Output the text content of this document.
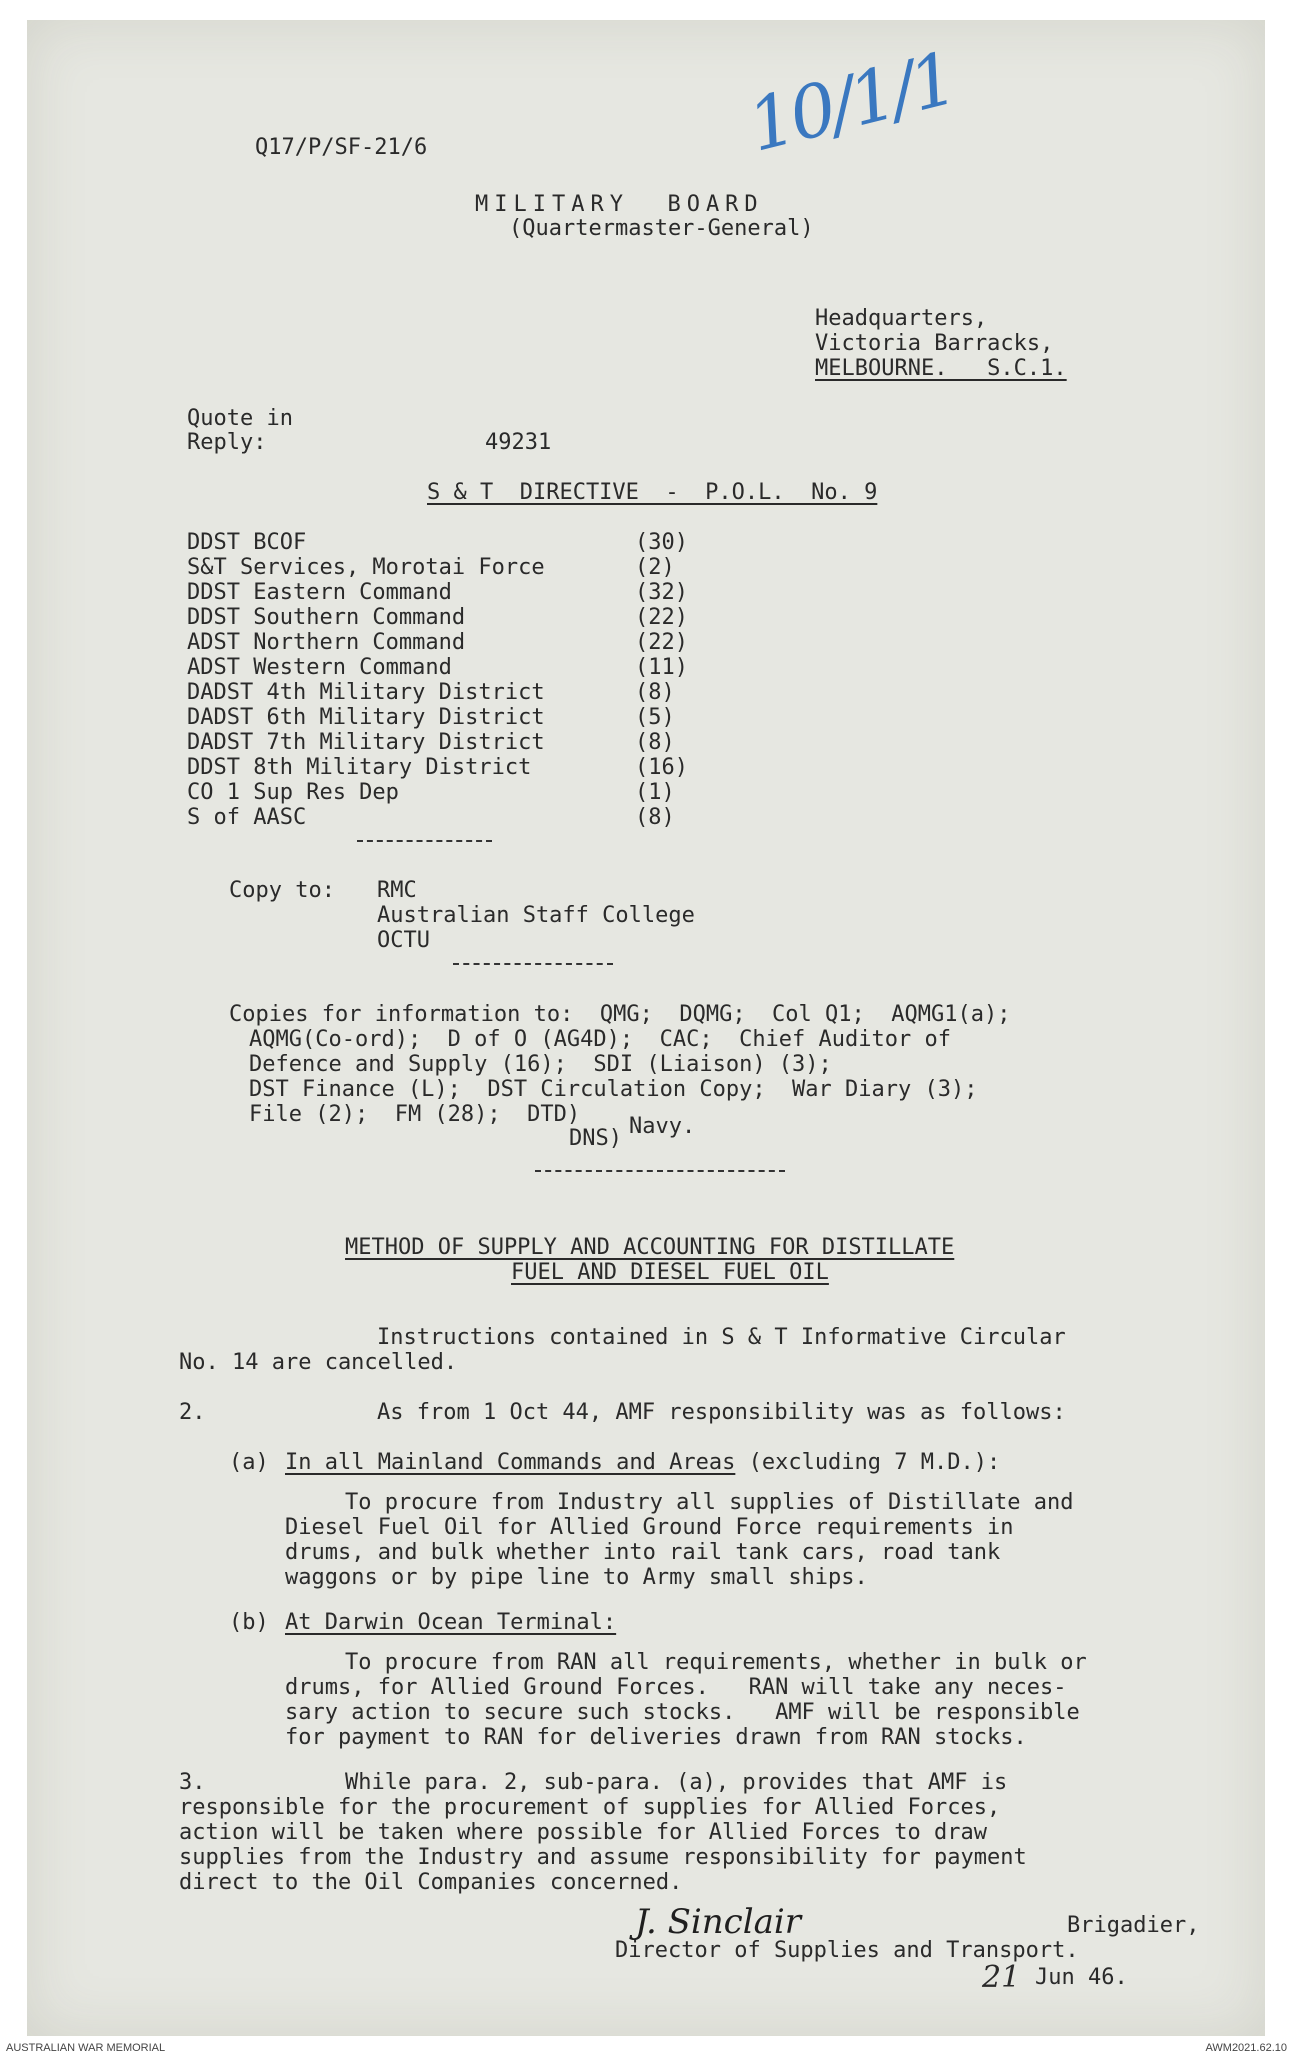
Q17/P/SF-21/6	10/1/1
MILITARY  BOARD
(Quartermaster-General)
Headquarters,
Victoria Barracks,
MELBOURNE.   S.C.1.
Quote in
Reply:	49231
S & T  DIRECTIVE  -  P.O.L.  No. 9
DDST BCOF	(30)
S&T Services, Morotai Force	(2)
DDST Eastern Command	(32)
DDST Southern Command	(22)
ADST Northern Command	(22)
ADST Western Command	(11)
DADST 4th Military District	(8)
DADST 6th Military District	(5)
DADST 7th Military District	(8)
DDST 8th Military District	(16)
CO 1 Sup Res Dep	(1)
S of AASC	(8)
Copy to: RMC
Australian Staff College
OCTU
Copies for information to:  QMG;  DQMG;  Col Q1;  AQMG1(a);
AQMG(Co-ord);  D of O (AG4D);  CAC;  Chief Auditor of
Defence and Supply (16);  SDI (Liaison) (3);
DST Finance (L);  DST Circulation Copy;  War Diary (3);
File (2);  FM (28);  DTD)
DNS) Navy.
METHOD OF SUPPLY AND ACCOUNTING FOR DISTILLATE
FUEL AND DIESEL FUEL OIL
Instructions contained in S & T Informative Circular
No. 14 are cancelled.
2.	As from 1 Oct 44, AMF responsibility was as follows:
(a) In all Mainland Commands and Areas (excluding 7 M.D.):
To procure from Industry all supplies of Distillate and
Diesel Fuel Oil for Allied Ground Force requirements in
drums, and bulk whether into rail tank cars, road tank
waggons or by pipe line to Army small ships.
(b) At Darwin Ocean Terminal:
To procure from RAN all requirements, whether in bulk or
drums, for Allied Ground Forces.   RAN will take any neces-
sary action to secure such stocks.   AMF will be responsible
for payment to RAN for deliveries drawn from RAN stocks.
3.	While para. 2, sub-para. (a), provides that AMF is
responsible for the procurement of supplies for Allied Forces,
action will be taken where possible for Allied Forces to draw
supplies from the Industry and assume responsibility for payment
direct to the Oil Companies concerned.
J. Sinclair	Brigadier,
Director of Supplies and Transport.
21 Jun 46.
AUSTRALIAN WAR MEMORIAL	AWM2021.62.10
